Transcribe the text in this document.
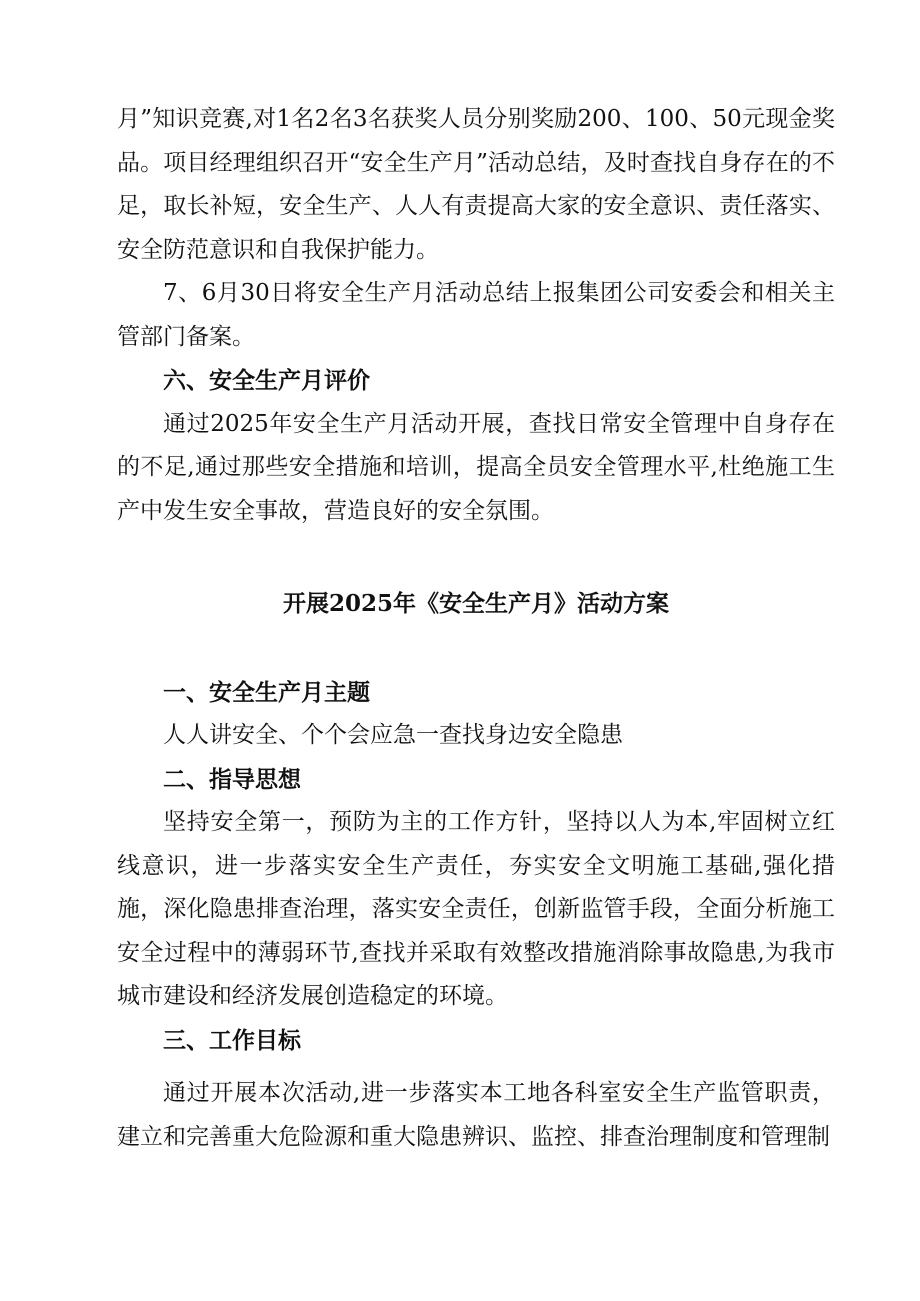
月”知识竞赛,对1名2名3名获奖人员分别奖励200、100、50元现金奖品。项目经理组织召开“安全生产月”活动总结，及时查找自身存在的不足，取长补短，安全生产、人人有责提高大家的安全意识、责任落实、安全防范意识和自我保护能力。

7、6月30日将安全生产月活动总结上报集团公司安委会和相关主管部门备案。

六、安全生产月评价

通过2025年安全生产月活动开展，查找日常安全管理中自身存在的不足,通过那些安全措施和培训，提高全员安全管理水平,杜绝施工生产中发生安全事故，营造良好的安全氛围。

开展2025年《安全生产月》活动方案

一、安全生产月主题

人人讲安全、个个会应急一查找身边安全隐患

二、指导思想

坚持安全第一，预防为主的工作方针，坚持以人为本,牢固树立红线意识，进一步落实安全生产责任，夯实安全文明施工基础,强化措施，深化隐患排查治理，落实安全责任，创新监管手段，全面分析施工安全过程中的薄弱环节,查找并采取有效整改措施消除事故隐患,为我市城市建设和经济发展创造稳定的环境。

三、工作目标

通过开展本次活动,进一步落实本工地各科室安全生产监管职责，建立和完善重大危险源和重大隐患辨识、监控、排查治理制度和管理制
